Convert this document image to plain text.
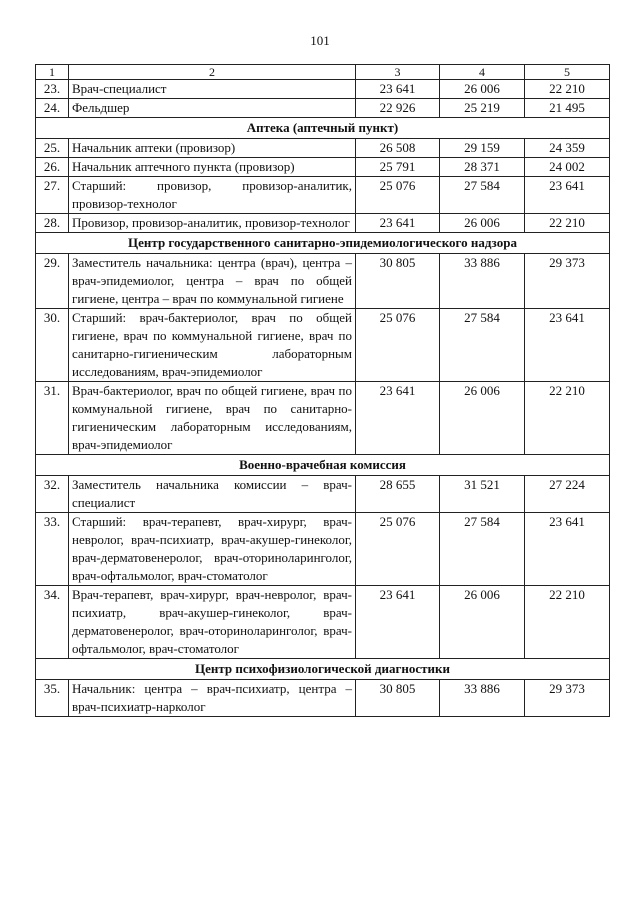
101
1	2	3	4	5
23.	Врач-специалист	23 641	26 006	22 210
24.	Фельдшер	22 926	25 219	21 495
Аптека (аптечный пункт)				
25.	Начальник аптеки (провизор)	26 508	29 159	24 359
26.	Начальник аптечного пункта (провизор)	25 791	28 371	24 002
27.	Старший: провизор, провизор-аналитик, провизор-технолог	25 076	27 584	23 641
28.	Провизор, провизор-аналитик, провизор-технолог	23 641	26 006	22 210
Центр государственного санитарно-эпидемиологического надзора				
29.	Заместитель начальника: центра (врач), центра – врач-эпидемиолог, центра – врач по общей гигиене, центра – врач по коммунальной гигиене	30 805	33 886	29 373
30.	Старший: врач-бактериолог, врач по общей гигиене, врач по коммунальной гигиене, врач по санитарно-гигиеническим лабораторным исследованиям, врач-эпидемиолог	25 076	27 584	23 641
31.	Врач-бактериолог, врач по общей гигиене, врач по коммунальной гигиене, врач по санитарно-гигиеническим лабораторным исследованиям, врач-эпидемиолог	23 641	26 006	22 210
Военно-врачебная комиссия				
32.	Заместитель начальника комиссии – врач-специалист	28 655	31 521	27 224
33.	Старший: врач-терапевт, врач-хирург, врач-невролог, врач-психиатр, врач-акушер-гинеколог, врач-дерматовенеролог, врач-оториноларинголог, врач-офтальмолог, врач-стоматолог	25 076	27 584	23 641
34.	Врач-терапевт, врач-хирург, врач-невролог, врач-психиатр, врач-акушер-гинеколог, врач-дерматовенеролог, врач-оториноларинголог, врач-офтальмолог, врач-стоматолог	23 641	26 006	22 210
Центр психофизиологической диагностики				
35.	Начальник: центра – врач-психиатр, центра – врач-психиатр-нарколог	30 805	33 886	29 373
